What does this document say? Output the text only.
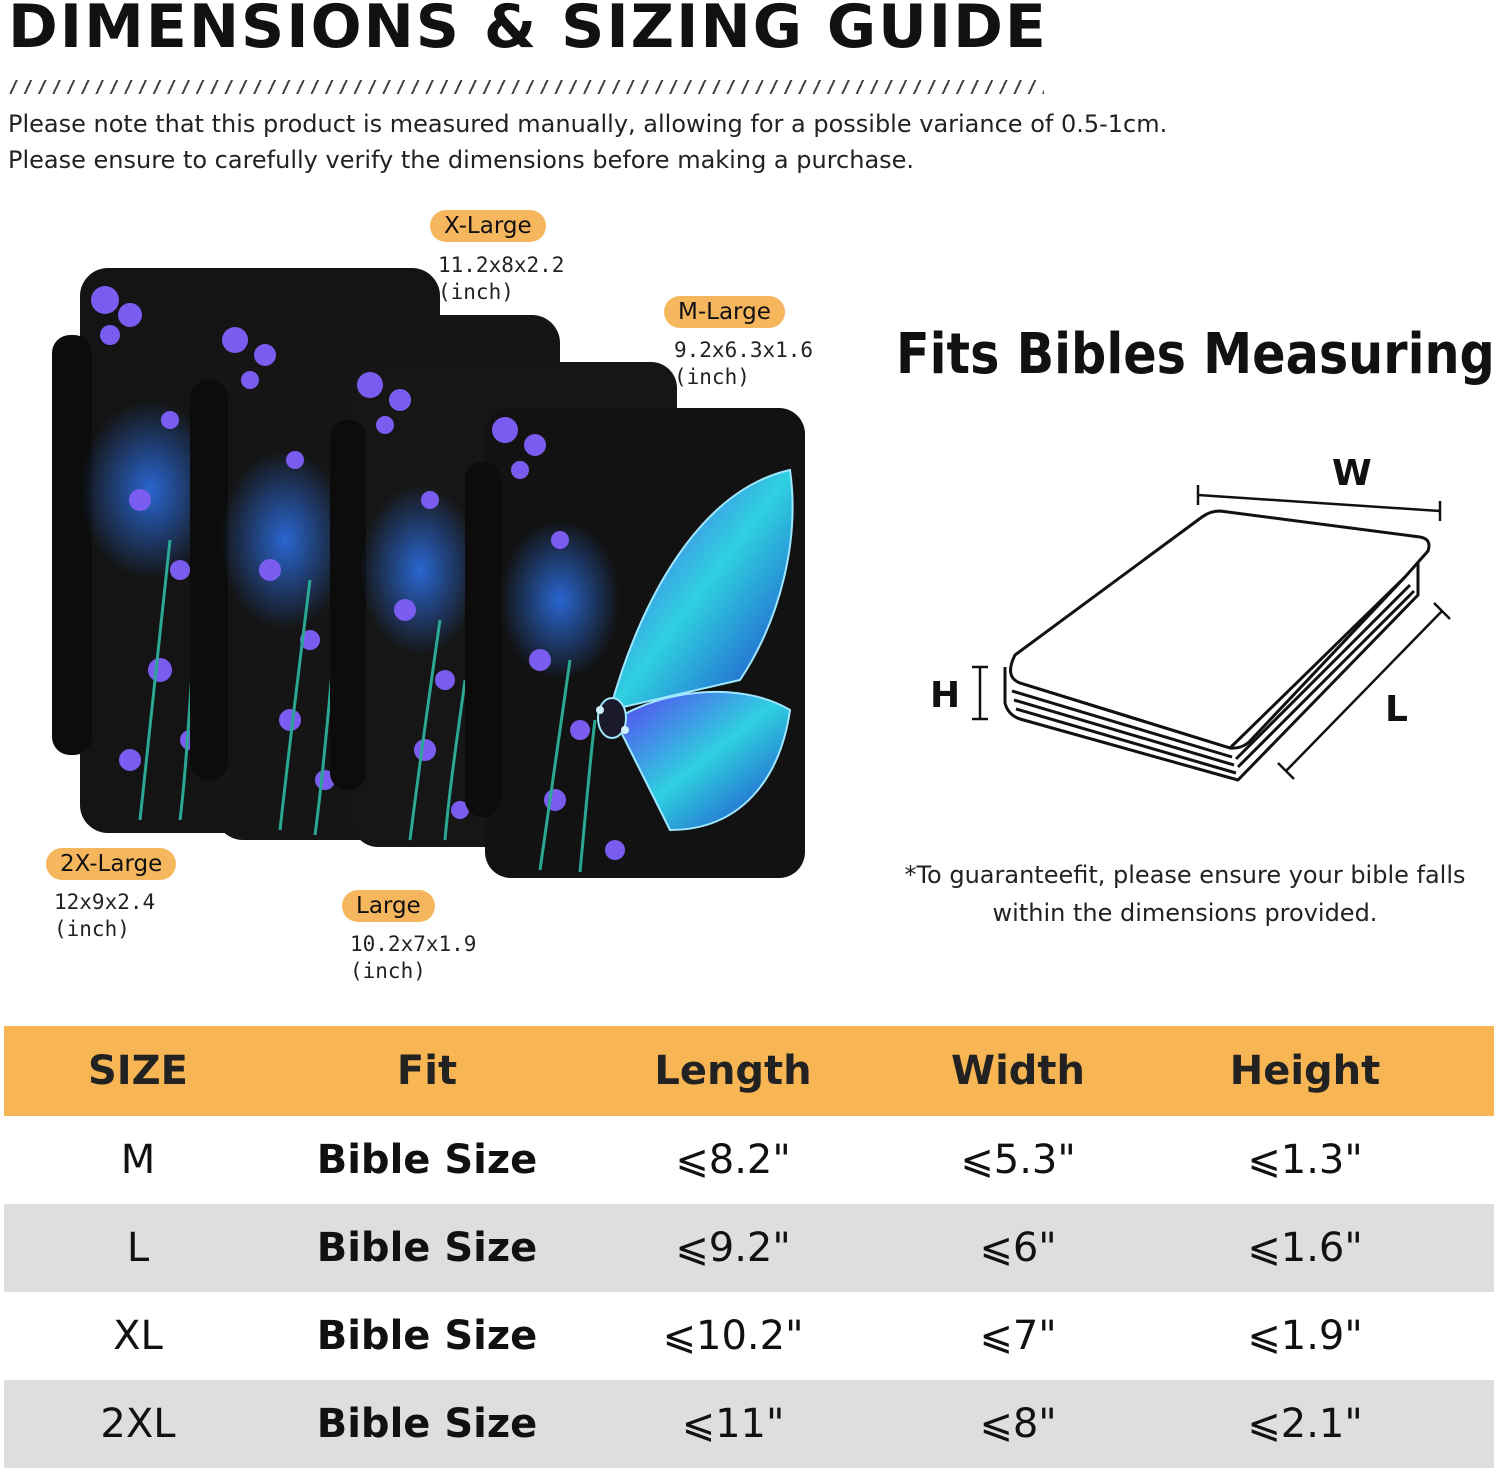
DIMENSIONS & SIZING GUIDE
Please note that this product is measured manually, allowing for a possible variance of 0.5-1cm.
Please ensure to carefully verify the dimensions before making a purchase.
X-Large
11.2x8x2.2
(inch)
M-Large
9.2x6.3x1.6
(inch)
2X-Large
12x9x2.4
(inch)
Large
10.2x7x1.9
(inch)
Fits Bibles Measuring
W
H	L
*To guaranteefit, please ensure your bible falls
within the dimensions provided.
SIZE	Fit	Length	Width	Height
M	Bible Size	⩽8.2"	⩽5.3"	⩽1.3"
L	Bible Size	⩽9.2"	⩽6"	⩽1.6"
XL	Bible Size	⩽10.2"	⩽7"	⩽1.9"
2XL	Bible Size	⩽11"	⩽8"	⩽2.1"
